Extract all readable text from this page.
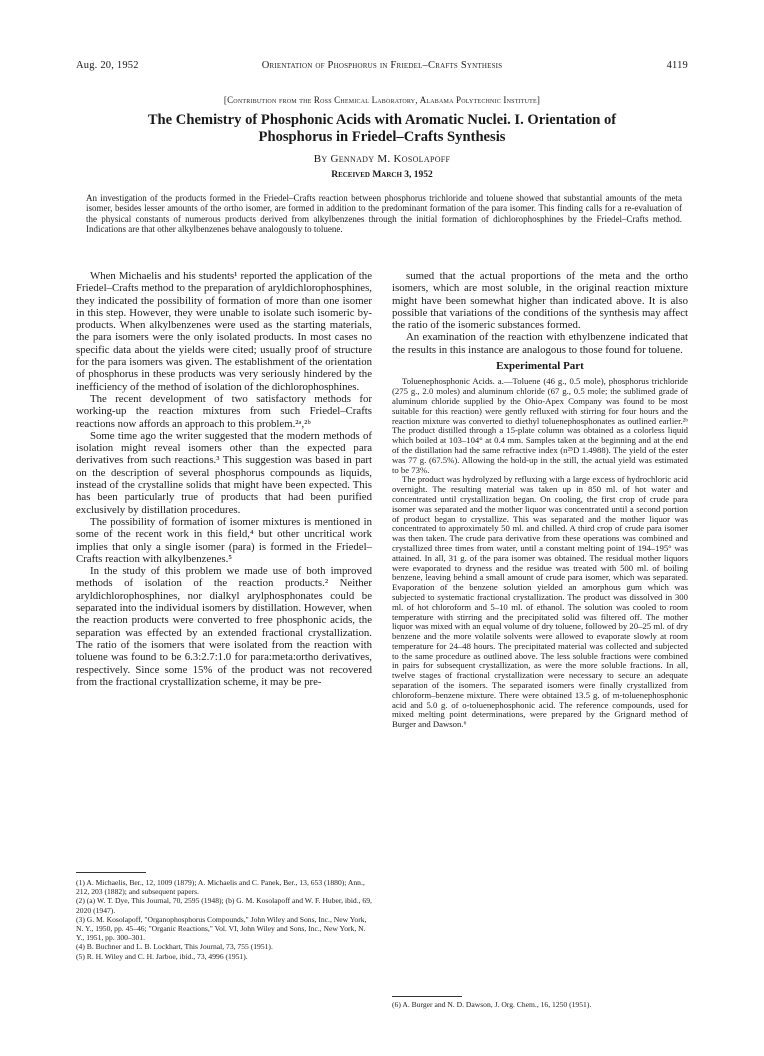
Aug. 20, 1952	Orientation of Phosphorus in Friedel–Crafts Synthesis	4119
[Contribution from the Ross Chemical Laboratory, Alabama Polytechnic Institute]
The Chemistry of Phosphonic Acids with Aromatic Nuclei. I. Orientation of
Phosphorus in Friedel–Crafts Synthesis
By Gennady M. Kosolapoff
Received March 3, 1952
An investigation of the products formed in the Friedel–Crafts reaction between phosphorus trichloride and toluene showed that substantial amounts of the meta isomer, besides lesser amounts of the ortho isomer, are formed in addition to the predominant formation of the para isomer. This finding calls for a re-evaluation of the physical constants of numerous products derived from alkylbenzenes through the initial formation of dichlorophosphines by the Friedel–Crafts method. Indications are that other alkylbenzenes behave analogously to toluene.

When Michaelis and his students¹ reported the application of the Friedel–Crafts method to the preparation of aryldichlorophosphines, they indicated the possibility of formation of more than one isomer in this step. However, they were unable to isolate such isomeric by-products. When alkylbenzenes were used as the starting materials, the para isomers were the only isolated products. In most cases no specific data about the yields were cited; usually proof of structure for the para isomers was given. The establishment of the orientation of phosphorus in these products was very seriously hindered by the inefficiency of the method of isolation of the dichlorophosphines.

The recent development of two satisfactory methods for working-up the reaction mixtures from such Friedel–Crafts reactions now affords an approach to this problem.²ᵃ,²ᵇ

Some time ago the writer suggested that the modern methods of isolation might reveal isomers other than the expected para derivatives from such reactions.³ This suggestion was based in part on the description of several phosphorus compounds as liquids, instead of the crystalline solids that might have been expected. This has been particularly true of products that had been purified exclusively by distillation procedures.

The possibility of formation of isomer mixtures is mentioned in some of the recent work in this field,⁴ but other uncritical work implies that only a single isomer (para) is formed in the Friedel–Crafts reaction with alkylbenzenes.⁵

In the study of this problem we made use of both improved methods of isolation of the reaction products.² Neither aryldichlorophosphines, nor dialkyl arylphosphonates could be separated into the individual isomers by distillation. However, when the reaction products were converted to free phosphonic acids, the separation was effected by an extended fractional crystallization. The ratio of the isomers that were isolated from the reaction with toluene was found to be 6.3:2.7:1.0 for para:meta:ortho derivatives, respectively. Since some 15% of the product was not recovered from the fractional crystallization scheme, it may be pre-

(1) A. Michaelis, Ber., 12, 1009 (1879); A. Michaelis and C. Panek, Ber., 13, 653 (1880); Ann., 212, 203 (1882); and subsequent papers.
(2) (a) W. T. Dye, This Journal, 70, 2595 (1948); (b) G. M. Kosolapoff and W. F. Huber, ibid., 69, 2020 (1947).
(3) G. M. Kosolapoff, "Organophosphorus Compounds," John Wiley and Sons, Inc., New York, N. Y., 1950, pp. 45–46; "Organic Reactions," Vol. VI, John Wiley and Sons, Inc., New York, N. Y., 1951, pp. 300–301.
(4) B. Buchner and L. B. Lockhart, This Journal, 73, 755 (1951).
(5) R. H. Wiley and C. H. Jarboe, ibid., 73, 4996 (1951).

sumed that the actual proportions of the meta and the ortho isomers, which are most soluble, in the original reaction mixture might have been somewhat higher than indicated above. It is also possible that variations of the conditions of the synthesis may affect the ratio of the isomeric substances formed.

An examination of the reaction with ethylbenzene indicated that the results in this instance are analogous to those found for toluene.

Experimental Part

Toluenephosphonic Acids. a.—Toluene (46 g., 0.5 mole), phosphorus trichloride (275 g., 2.0 moles) and aluminum chloride (67 g., 0.5 mole; the sublimed grade of aluminum chloride supplied by the Ohio-Apex Company was found to be most suitable for this reaction) were gently refluxed with stirring for four hours and the reaction mixture was converted to diethyl toluenephosphonates as outlined earlier.²ᵇ The product distilled through a 15-plate column was obtained as a colorless liquid which boiled at 103–104° at 0.4 mm. Samples taken at the beginning and at the end of the distillation had the same refractive index (n²⁵D 1.4988). The yield of the ester was 77 g. (67.5%). Allowing the hold-up in the still, the actual yield was estimated to be 73%.

The product was hydrolyzed by refluxing with a large excess of hydrochloric acid overnight. The resulting material was taken up in 850 ml. of hot water and concentrated until crystallization began. On cooling, the first crop of crude para isomer was separated and the mother liquor was concentrated until a second portion of product began to crystallize. This was separated and the mother liquor was concentrated to approximately 50 ml. and chilled. A third crop of crude para isomer was then taken. The crude para derivative from these operations was combined and crystallized three times from water, until a constant melting point of 194–195° was attained. In all, 31 g. of the para isomer was obtained. The residual mother liquors were evaporated to dryness and the residue was treated with 500 ml. of boiling benzene, leaving behind a small amount of crude para isomer, which was separated. Evaporation of the benzene solution yielded an amorphous gum which was subjected to systematic fractional crystallization. The product was dissolved in 300 ml. of hot chloroform and 5–10 ml. of ethanol. The solution was cooled to room temperature with stirring and the precipitated solid was filtered off. The mother liquor was mixed with an equal volume of dry toluene, followed by 20–25 ml. of dry benzene and the more volatile solvents were allowed to evaporate slowly at room temperature for 24–48 hours. The precipitated material was collected and subjected to the same procedure as outlined above. The less soluble fractions were combined in pairs for subsequent crystallization, as were the more soluble fractions. In all, twelve stages of fractional crystallization were necessary to secure an adequate separation of the isomers. The separated isomers were finally crystallized from chloroform–benzene mixture. There were obtained 13.5 g. of m-toluenephosphonic acid and 5.0 g. of o-toluenephosphonic acid. The reference compounds, used for mixed melting point determinations, were prepared by the Grignard method of Burger and Dawson.⁶

(6) A. Burger and N. D. Dawson, J. Org. Chem., 16, 1250 (1951).
